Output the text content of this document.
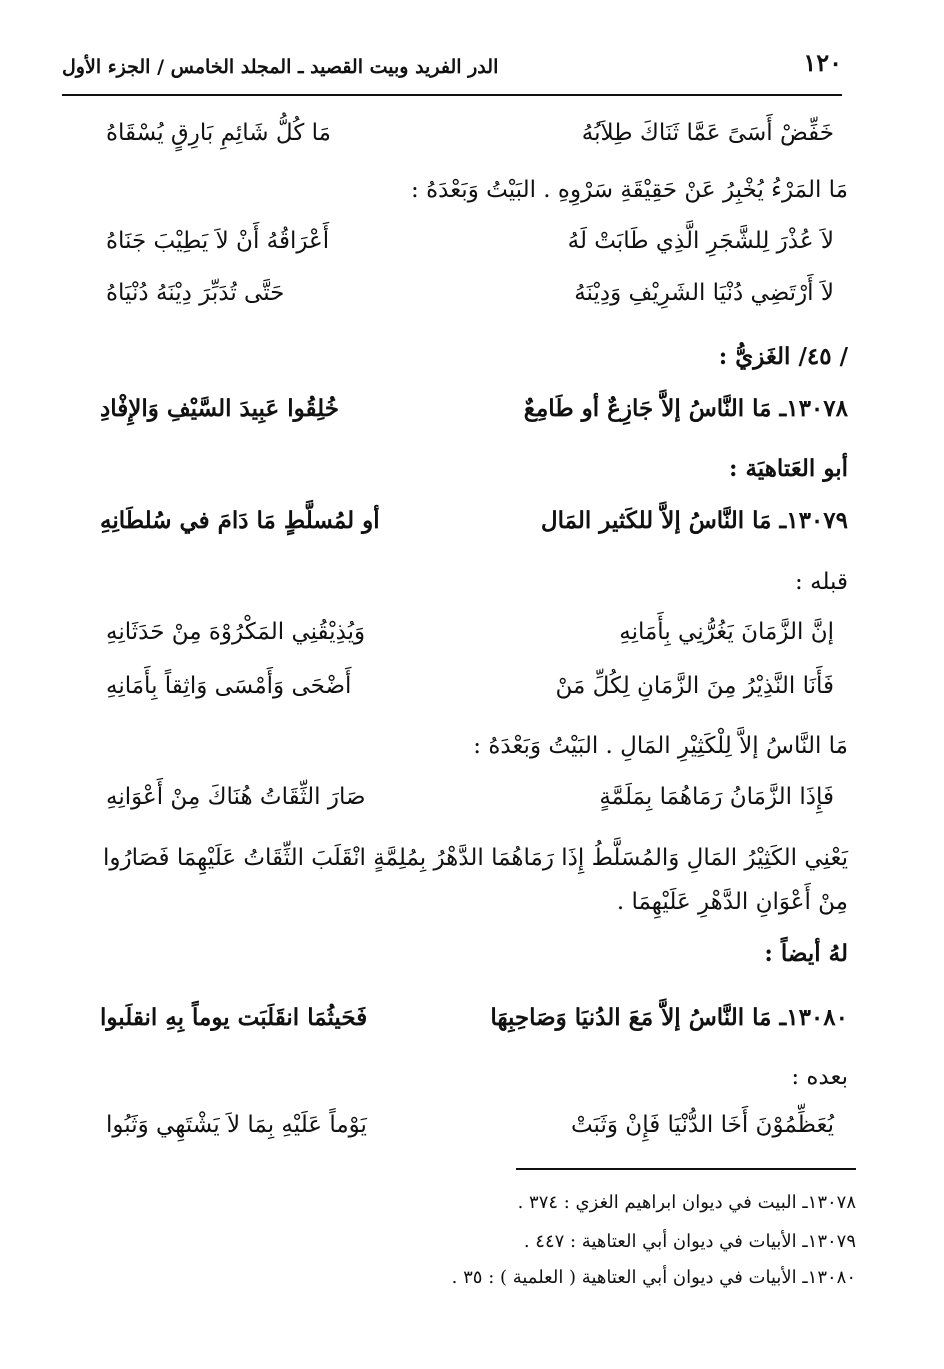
١٢٠
الدر الفريد وبيت القصيد ـ المجلد الخامس / الجزء الأول
خَفِّضْ أَسَىً عَمَّا ثَنَاكَ طِلاَبُهُ
مَا كُلُّ شَائِمِ بَارِقٍ يُسْقَاهُ
مَا المَرْءُ يُخْبِرُ عَنْ حَقِيْقَةِ سَرْوِهِ . البَيْتُ وَبَعْدَهُ :
لاَ عُذْرَ لِلشَّجَرِ الَّذِي طَابَتْ لَهُ
أَعْرَاقُهُ أَنْ لاَ يَطِيْبَ جَنَاهُ
لاَ أَرْتَضِي دُنْيَا الشَرِيْفِ وَدِيْنَهُ
حَتَّى تُدَبِّرَ دِيْنَهُ دُنْيَاهُ
/ ٤٥/ الغَزيُّ :
١٣٠٧٨ـ مَا النَّاسُ إلاَّ جَازِعٌ أو طَامِعٌ
خُلِقُوا عَبِيدَ السَّيْفِ وَالإِفْادِ
أبو العَتاهيَة :
١٣٠٧٩ـ مَا النَّاسُ إلاَّ للكَثير المَال
أو لمُسلَّطٍ مَا دَامَ في سُلطَانِهِ
قبله :
إنَّ الزَّمَانَ يَغُرُّنِي بِأَمَانِهِ
وَيُذِيْقُنِي المَكْرُوْهَ مِنْ حَدَثَانِهِ
فَأَنَا النَّذِيْرُ مِنَ الزَّمَانِ لِكُلِّ مَنْ
أَضْحَى وَأَمْسَى وَاثِقاً بِأَمَانِهِ
مَا النَّاسُ إلاَّ لِلْكَثِيْرِ المَالِ . البَيْتُ وَبَعْدَهُ :
فَإِذَا الزَّمَانُ رَمَاهُمَا بِمَلَمَّةٍ
صَارَ الثِّقَاتُ هُنَاكَ مِنْ أَعْوَانِهِ
يَعْنِي الكَثِيْرُ المَالِ وَالمُسَلَّطُ إِذَا رَمَاهُمَا الدَّهْرُ بِمُلِمَّةٍ انْقَلَبَ الثِّقَاتُ عَلَيْهِمَا فَصَارُوا
مِنْ أَعْوَانِ الدَّهْرِ عَلَيْهِمَا .
لهُ أيضاً :
١٣٠٨٠ـ مَا النَّاسُ إلاَّ مَعَ الدُنيَا وَصَاحِبِهَا
فَحَيثُمَا انقَلَبَت يوماً بِهِ انقلَبوا
بعده :
يُعَظِّمُوْنَ أَخَا الدُّنْيَا فَإِنْ وَثَبَتْ
يَوْماً عَلَيْهِ بِمَا لاَ يَشْتَهِي وَثَبُوا
١٣٠٧٨ـ البيت في ديوان ابراهيم الغزي : ٣٧٤ .
١٣٠٧٩ـ الأبيات في ديوان أبي العتاهية : ٤٤٧ .
١٣٠٨٠ـ الأبيات في ديوان أبي العتاهية ( العلمية ) : ٣٥ .
